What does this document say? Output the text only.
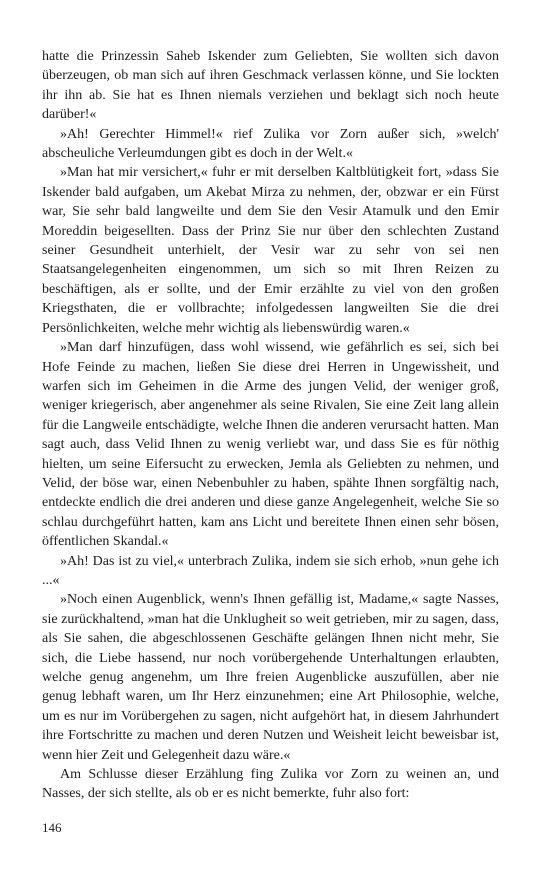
hatte die Prinzessin Saheb Iskender zum Geliebten, Sie wollten sich davon überzeugen, ob man sich auf ihren Geschmack verlassen könne, und Sie lockten ihr ihn ab. Sie hat es Ihnen niemals verziehen und beklagt sich noch heute darüber!«

»Ah! Gerechter Himmel!« rief Zulika vor Zorn außer sich, »welch' abscheuliche Verleumdungen gibt es doch in der Welt.«

»Man hat mir versichert,« fuhr er mit derselben Kaltblütigkeit fort, »dass Sie Iskender bald aufgaben, um Akebat Mirza zu nehmen, der, obzwar er ein Fürst war, Sie sehr bald langweilte und dem Sie den Vesir Atamulk und den Emir Moreddin beigesellten. Dass der Prinz Sie nur über den schlechten Zustand seiner Gesundheit unterhielt, der Vesir war zu sehr von sei nen Staatsangelegenheiten eingenommen, um sich so mit Ihren Reizen zu beschäftigen, als er sollte, und der Emir erzählte zu viel von den großen Kriegsthaten, die er vollbrachte; infolgedessen langweilten Sie die drei Persönlichkeiten, welche mehr wichtig als liebenswürdig waren.«

»Man darf hinzufügen, dass wohl wissend, wie gefährlich es sei, sich bei Hofe Feinde zu machen, ließen Sie diese drei Herren in Ungewissheit, und warfen sich im Geheimen in die Arme des jungen Velid, der weniger groß, weniger kriegerisch, aber angenehmer als seine Rivalen, Sie eine Zeit lang allein für die Langweile entschädigte, welche Ihnen die anderen verursacht hatten. Man sagt auch, dass Velid Ihnen zu wenig verliebt war, und dass Sie es für nöthig hielten, um seine Eifersucht zu erwecken, Jemla als Geliebten zu nehmen, und Velid, der böse war, einen Nebenbuhler zu haben, spähte Ihnen sorgfältig nach, entdeckte endlich die drei anderen und diese ganze Angelegenheit, welche Sie so schlau durchgeführt hatten, kam ans Licht und bereitete Ihnen einen sehr bösen, öffentlichen Skandal.«

»Ah! Das ist zu viel,« unterbrach Zulika, indem sie sich erhob, »nun gehe ich ...«

»Noch einen Augenblick, wenn's Ihnen gefällig ist, Madame,« sagte Nasses, sie zurückhaltend, »man hat die Unklugheit so weit getrieben, mir zu sagen, dass, als Sie sahen, die abgeschlossenen Geschäfte gelängen Ihnen nicht mehr, Sie sich, die Liebe hassend, nur noch vorübergehende Unterhaltungen erlaubten, welche genug angenehm, um Ihre freien Augenblicke auszufüllen, aber nie genug lebhaft waren, um Ihr Herz einzunehmen; eine Art Philosophie, welche, um es nur im Vorübergehen zu sagen, nicht aufgehört hat, in diesem Jahrhundert ihre Fortschritte zu machen und deren Nutzen und Weisheit leicht beweisbar ist, wenn hier Zeit und Gelegenheit dazu wäre.«

Am Schlusse dieser Erzählung fing Zulika vor Zorn zu weinen an, und Nasses, der sich stellte, als ob er es nicht bemerkte, fuhr also fort:

146
